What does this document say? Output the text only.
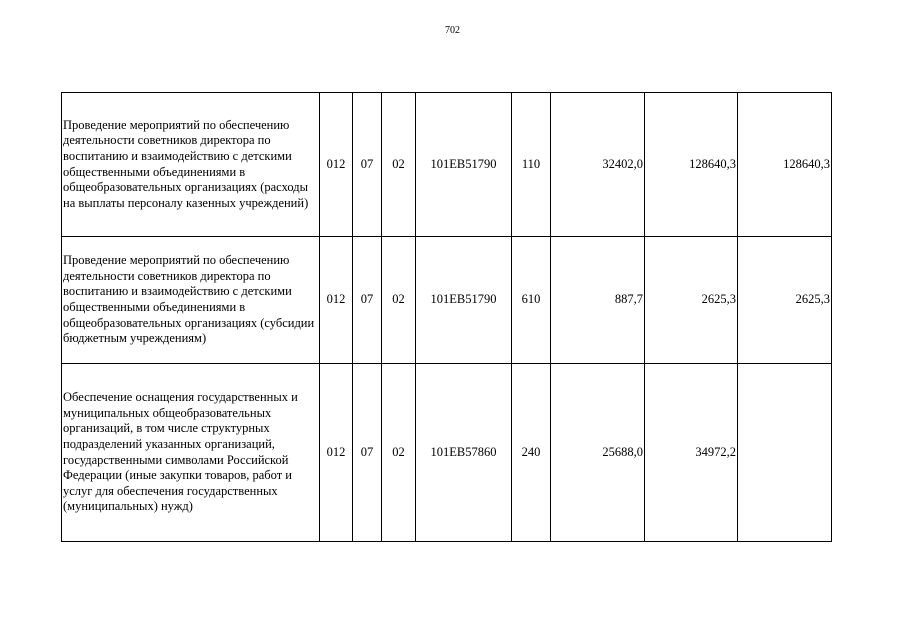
702
Проведение мероприятий по обеспечению деятельности советников директора по воспитанию и взаимодействию с детскими общественными объединениями в общеобразовательных организациях (расходы на выплаты персоналу казенных учреждений)	012	07	02	101EB51790	110	32402,0	128640,3	128640,3
Проведение мероприятий по обеспечению деятельности советников директора по воспитанию и взаимодействию с детскими общественными объединениями в общеобразовательных организациях (субсидии бюджетным учреждениям)	012	07	02	101EB51790	610	887,7	2625,3	2625,3
Обеспечение оснащения государственных и муниципальных общеобразовательных организаций, в том числе структурных подразделений указанных организаций, государственными символами Российской Федерации (иные закупки товаров, работ и услуг для обеспечения государственных (муниципальных) нужд)	012	07	02	101EB57860	240	25688,0	34972,2	
